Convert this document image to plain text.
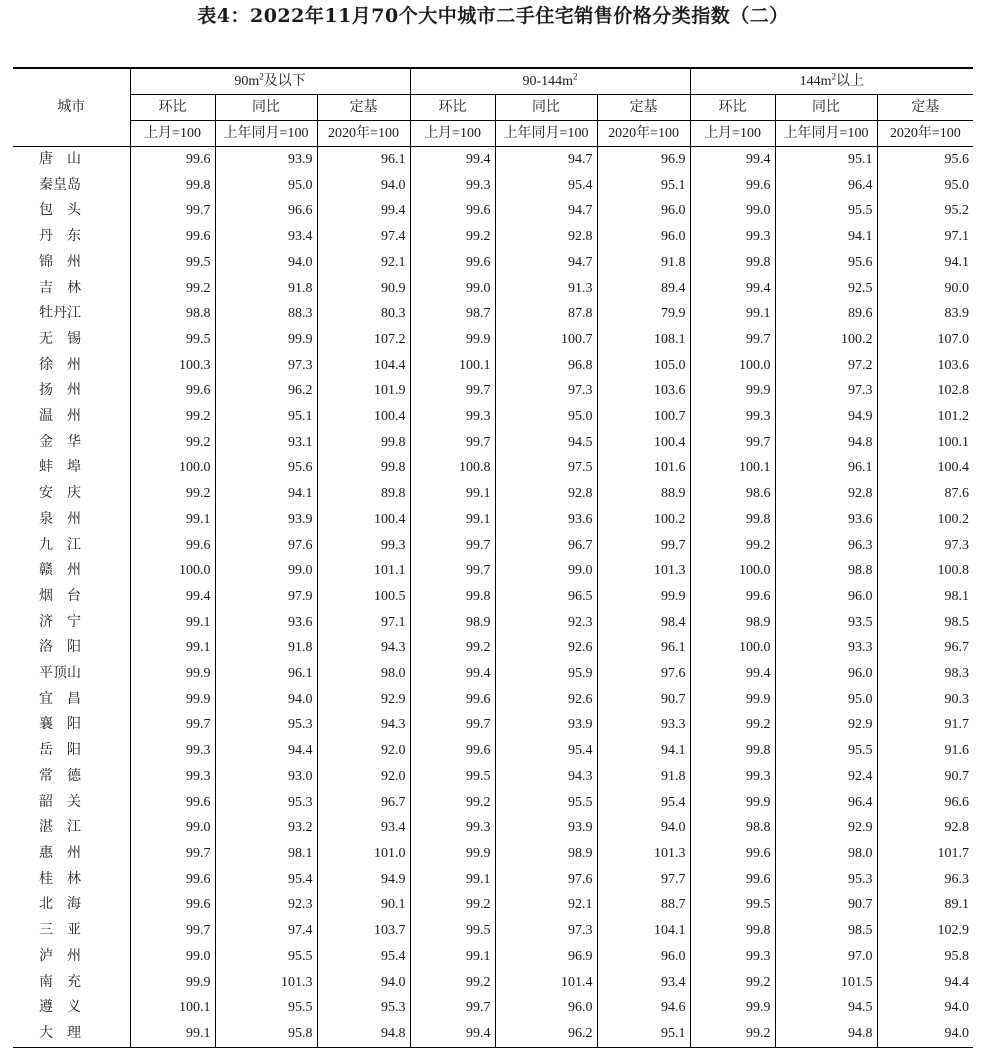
表4：2022年11月70个大中城市二手住宅销售价格分类指数（二）
城市	$90m^2$及以下			$90-144m^2$			$144m^2$以上		
	环比	同比	定基	环比	同比	定基	环比	同比	定基
	上月=100	上年同月=100	2020年=100	上月=100	上年同月=100	2020年=100	上月=100	上年同月=100	2020年=100
唐　山	99.6	93.9	96.1	99.4	94.7	96.9	99.4	95.1	95.6
秦皇岛	99.8	95.0	94.0	99.3	95.4	95.1	99.6	96.4	95.0
包　头	99.7	96.6	99.4	99.6	94.7	96.0	99.0	95.5	95.2
丹　东	99.6	93.4	97.4	99.2	92.8	96.0	99.3	94.1	97.1
锦　州	99.5	94.0	92.1	99.6	94.7	91.8	99.8	95.6	94.1
吉　林	99.2	91.8	90.9	99.0	91.3	89.4	99.4	92.5	90.0
牡丹江	98.8	88.3	80.3	98.7	87.8	79.9	99.1	89.6	83.9
无　锡	99.5	99.9	107.2	99.9	100.7	108.1	99.7	100.2	107.0
徐　州	100.3	97.3	104.4	100.1	96.8	105.0	100.0	97.2	103.6
扬　州	99.6	96.2	101.9	99.7	97.3	103.6	99.9	97.3	102.8
温　州	99.2	95.1	100.4	99.3	95.0	100.7	99.3	94.9	101.2
金　华	99.2	93.1	99.8	99.7	94.5	100.4	99.7	94.8	100.1
蚌　埠	100.0	95.6	99.8	100.8	97.5	101.6	100.1	96.1	100.4
安　庆	99.2	94.1	89.8	99.1	92.8	88.9	98.6	92.8	87.6
泉　州	99.1	93.9	100.4	99.1	93.6	100.2	99.8	93.6	100.2
九　江	99.6	97.6	99.3	99.7	96.7	99.7	99.2	96.3	97.3
赣　州	100.0	99.0	101.1	99.7	99.0	101.3	100.0	98.8	100.8
烟　台	99.4	97.9	100.5	99.8	96.5	99.9	99.6	96.0	98.1
济　宁	99.1	93.6	97.1	98.9	92.3	98.4	98.9	93.5	98.5
洛　阳	99.1	91.8	94.3	99.2	92.6	96.1	100.0	93.3	96.7
平顶山	99.9	96.1	98.0	99.4	95.9	97.6	99.4	96.0	98.3
宜　昌	99.9	94.0	92.9	99.6	92.6	90.7	99.9	95.0	90.3
襄　阳	99.7	95.3	94.3	99.7	93.9	93.3	99.2	92.9	91.7
岳　阳	99.3	94.4	92.0	99.6	95.4	94.1	99.8	95.5	91.6
常　德	99.3	93.0	92.0	99.5	94.3	91.8	99.3	92.4	90.7
韶　关	99.6	95.3	96.7	99.2	95.5	95.4	99.9	96.4	96.6
湛　江	99.0	93.2	93.4	99.3	93.9	94.0	98.8	92.9	92.8
惠　州	99.7	98.1	101.0	99.9	98.9	101.3	99.6	98.0	101.7
桂　林	99.6	95.4	94.9	99.1	97.6	97.7	99.6	95.3	96.3
北　海	99.6	92.3	90.1	99.2	92.1	88.7	99.5	90.7	89.1
三　亚	99.7	97.4	103.7	99.5	97.3	104.1	99.8	98.5	102.9
泸　州	99.0	95.5	95.4	99.1	96.9	96.0	99.3	97.0	95.8
南　充	99.9	101.3	94.0	99.2	101.4	93.4	99.2	101.5	94.4
遵　义	100.1	95.5	95.3	99.7	96.0	94.6	99.9	94.5	94.0
大　理	99.1	95.8	94.8	99.4	96.2	95.1	99.2	94.8	94.0
